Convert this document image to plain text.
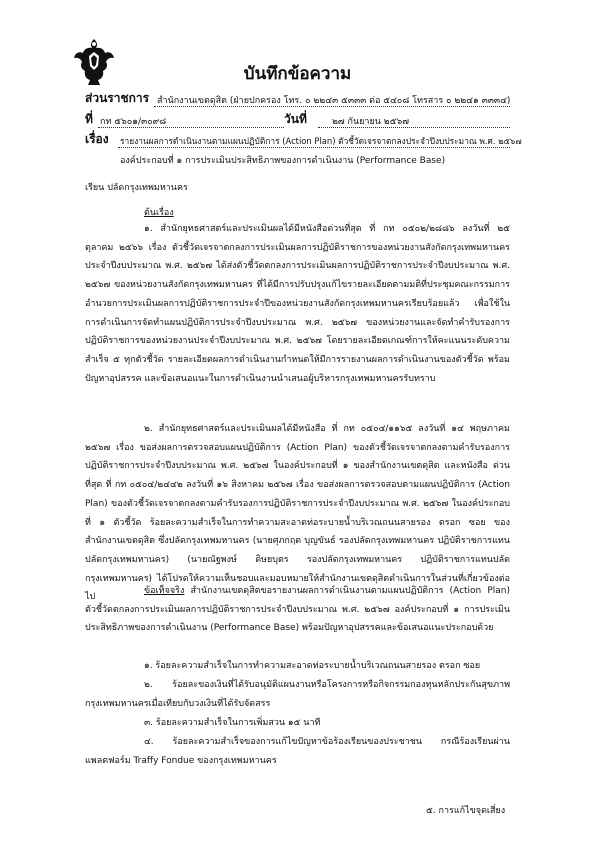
บันทึกข้อความ
ส่วนราชการ สำนักงานเขตดุสิต (ฝ่ายปกครอง โทร. ๐ ๒๒๔๓ ๕๓๓๓ ต่อ ๕๔๐๘ โทรสาร ๐ ๒๒๔๑ ๓๓๓๔)
ที่ กท ๕๖๐๑/๓๐๙๘	วันที่	๒๗ กันยายน ๒๕๖๗
เรื่อง รายงานผลการดำเนินงานตามแผนปฏิบัติการ (Action Plan) ตัวชี้วัดเจรจาตกลงประจำปีงบประมาณ พ.ศ. ๒๕๖๗
องค์ประกอบที่ ๑ การประเมินประสิทธิภาพของการดำเนินงาน (Performance Base)
เรียน ปลัดกรุงเทพมหานคร
ต้นเรื่อง
๑. สำนักยุทธศาสตร์และประเมินผลได้มีหนังสือด่วนที่สุด ที่ กท ๐๕๐๒/๒๘๘๖ ลงวันที่ ๒๕ ตุลาคม ๒๕๖๖ เรื่อง ตัวชี้วัดเจรจาตกลงการประเมินผลการปฏิบัติราชการของหน่วยงานสังกัดกรุงเทพมหานคร ประจำปีงบประมาณ พ.ศ. ๒๕๖๗ ได้ส่งตัวชี้วัดตกลงการประเมินผลการปฏิบัติราชการประจำปีงบประมาณ พ.ศ. ๒๕๖๗ ของหน่วยงานสังกัดกรุงเทพมหานคร ที่ได้มีการปรับปรุงแก้ไขรายละเอียดตามมติที่ประชุมคณะกรรมการอำนวยการประเมินผลการปฏิบัติราชการประจำปีของหน่วยงานสังกัดกรุงเทพมหานครเรียบร้อยแล้ว เพื่อใช้ในการดำเนินการจัดทำแผนปฏิบัติการประจำปีงบประมาณ พ.ศ. ๒๕๖๗ ของหน่วยงานและจัดทำคำรับรองการปฏิบัติราชการของหน่วยงานประจำปีงบประมาณ พ.ศ. ๒๕๖๗ โดยรายละเอียดเกณฑ์การให้คะแนนระดับความสำเร็จ ๕ ทุกตัวชี้วัด รายละเอียดผลการดำเนินงานกำหนดให้มีการรายงานผลการดำเนินงานของตัวชี้วัด พร้อมปัญหาอุปสรรค และข้อเสนอแนะในการดำเนินงานนำเสนอผู้บริหารกรุงเทพมหานครรับทราบ
๒. สำนักยุทธศาสตร์และประเมินผลได้มีหนังสือ ที่ กท ๐๕๐๔/๑๑๖๕ ลงวันที่ ๑๔ พฤษภาคม ๒๕๖๗ เรื่อง ขอส่งผลการตรวจสอบแผนปฏิบัติการ (Action Plan) ของตัวชี้วัดเจรจาตกลงตามคำรับรองการปฏิบัติราชการประจำปีงบประมาณ พ.ศ. ๒๕๖๗ ในองค์ประกอบที่ ๑ ของสำนักงานเขตดุสิต และหนังสือ ด่วนที่สุด ที่ กท ๐๕๐๔/๒๔๔๒ ลงวันที่ ๑๖ สิงหาคม ๒๕๖๗ เรื่อง ขอส่งผลการตรวจสอบตามแผนปฏิบัติการ (Action Plan) ของตัวชี้วัดเจรจาตกลงตามคำรับรองการปฏิบัติราชการประจำปีงบประมาณ พ.ศ. ๒๕๖๗ ในองค์ประกอบที่ ๑ ตัวชี้วัด ร้อยละความสำเร็จในการทำความสะอาดท่อระบายน้ำบริเวณถนนสายรอง ตรอก ซอย ของสำนักงานเขตดุสิต ซึ่งปลัดกรุงเทพมหานคร (นายศุภกฤต บุญขันธ์ รองปลัดกรุงเทพมหานคร ปฏิบัติราชการแทนปลัดกรุงเทพมหานคร) (นายณัฐพงษ์ ดิษยบุตร รองปลัดกรุงเทพมหานคร ปฏิบัติราชการแทนปลัดกรุงเทพมหานคร) ได้โปรดให้ความเห็นชอบและมอบหมายให้สำนักงานเขตดุสิตดำเนินการในส่วนที่เกี่ยวข้องต่อไป
ข้อเท็จจริง สำนักงานเขตดุสิตขอรายงานผลการดำเนินงานตามแผนปฏิบัติการ (Action Plan) ตัวชี้วัดตกลงการประเมินผลการปฏิบัติราชการประจำปีงบประมาณ พ.ศ. ๒๕๖๗ องค์ประกอบที่ ๑ การประเมินประสิทธิภาพของการดำเนินงาน (Performance Base) พร้อมปัญหาอุปสรรคและข้อเสนอแนะประกอบด้วย
๑. ร้อยละความสำเร็จในการทำความสะอาดท่อระบายน้ำบริเวณถนนสายรอง ตรอก ซอย
๒. ร้อยละของเงินที่ได้รับอนุมัติแผนงานหรือโครงการหรือกิจกรรมกองทุนหลักประกันสุขภาพกรุงเทพมหานครเมื่อเทียบกับวงเงินที่ได้รับจัดสรร
๓. ร้อยละความสำเร็จในการเพิ่มสวน ๑๕ นาที
๔. ร้อยละความสำเร็จของการแก้ไขปัญหาข้อร้องเรียนของประชาชน กรณีร้องเรียนผ่านแพลตฟอร์ม Traffy Fondue ของกรุงเทพมหานคร
๕. การแก้ไขจุดเสี่ยง
